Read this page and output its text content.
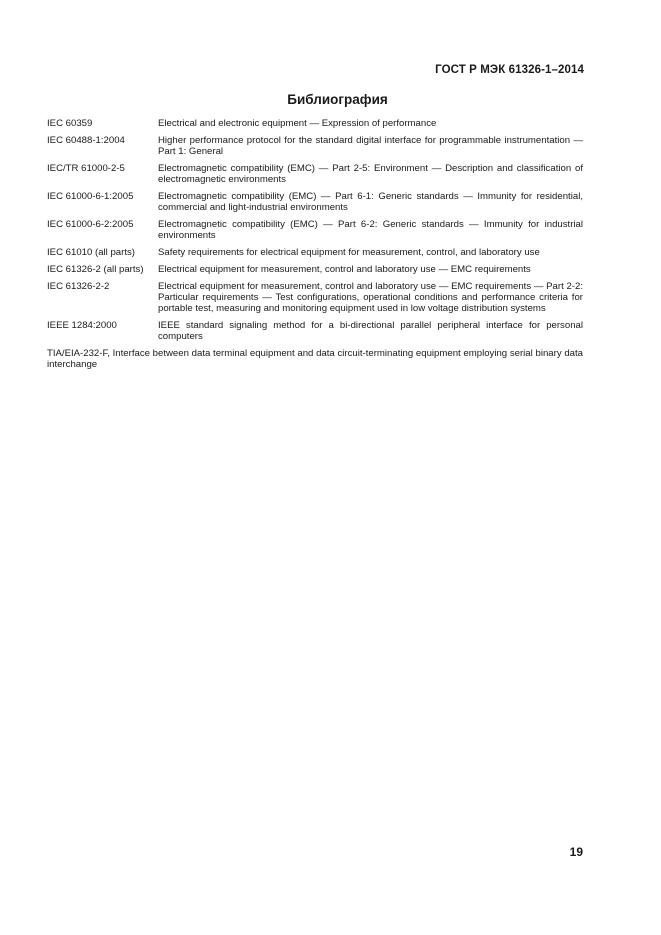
ГОСТ Р МЭК 61326-1–2014
Библиография
IEC 60359	Electrical and electronic equipment — Expression of performance
IEC 60488-1:2004	Higher performance protocol for the standard digital interface for programmable instrumentation — Part 1: General
IEC/TR 61000-2-5	Electromagnetic compatibility (EMC) — Part 2-5: Environment — Description and classification of electromagnetic environments
IEC 61000-6-1:2005	Electromagnetic compatibility (EMC) — Part 6-1: Generic standards — Immunity for residential, commercial and light-industrial environments
IEC 61000-6-2:2005	Electromagnetic compatibility (EMC) — Part 6-2: Generic standards — Immunity for industrial environments
IEC 61010 (all parts)	Safety requirements for electrical equipment for measurement, control, and laboratory use
IEC 61326-2 (all parts)	Electrical equipment for measurement, control and laboratory use — EMC requirements
IEC 61326-2-2	Electrical equipment for measurement, control and laboratory use — EMC requirements — Part 2-2: Particular requirements — Test configurations, operational conditions and performance criteria for portable test, measuring and monitoring equipment used in low voltage distribution systems
IEEE 1284:2000	IEEE standard signaling method for a bi-directional parallel peripheral interface for personal computers
TIA/EIA-232-F, Interface between data terminal equipment and data circuit-terminating equipment employing serial binary data interchange
19
